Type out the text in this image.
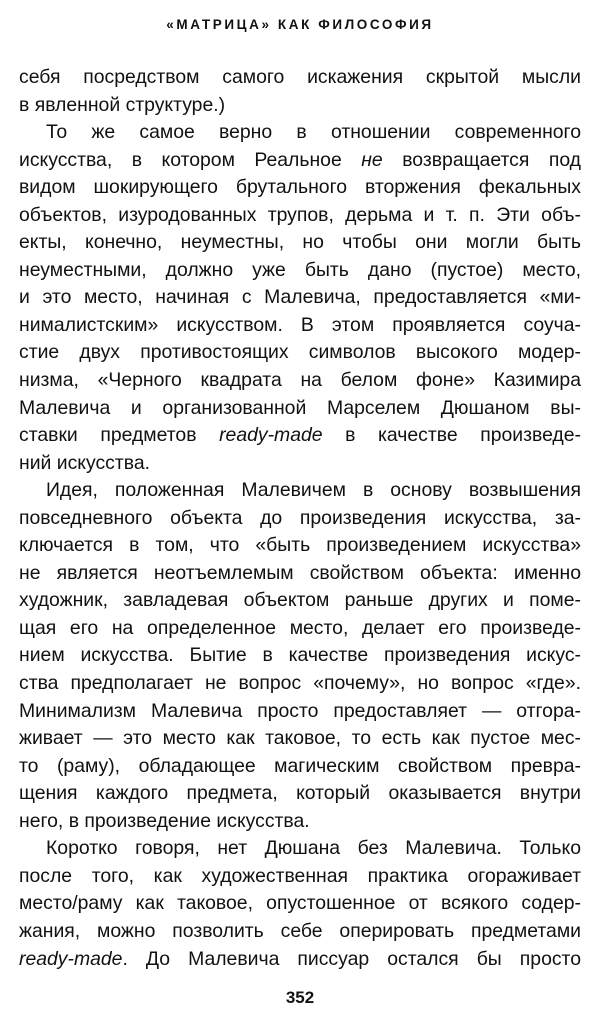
«МАТРИЦА» КАК ФИЛОСОФИЯ
себя посредством самого искажения скрытой мысли
в явленной структуре.)
То же самое верно в отношении современного
искусства, в котором Реальное не возвращается под
видом шокирующего брутального вторжения фекальных
объектов, изуродованных трупов, дерьма и т. п. Эти объ-
екты, конечно, неуместны, но чтобы они могли быть
неуместными, должно уже быть дано (пустое) место,
и это место, начиная с Малевича, предоставляется «ми-
нималистским» искусством. В этом проявляется соуча-
стие двух противостоящих символов высокого модер-
низма, «Черного квадрата на белом фоне» Казимира
Малевича и организованной Марселем Дюшаном вы-
ставки предметов ready-made в качестве произведе-
ний искусства.
Идея, положенная Малевичем в основу возвышения
повседневного объекта до произведения искусства, за-
ключается в том, что «быть произведением искусства»
не является неотъемлемым свойством объекта: именно
художник, завладевая объектом раньше других и поме-
щая его на определенное место, делает его произведе-
нием искусства. Бытие в качестве произведения искус-
ства предполагает не вопрос «почему», но вопрос «где».
Минимализм Малевича просто предоставляет — отгора-
живает — это место как таковое, то есть как пустое мес-
то (раму), обладающее магическим свойством превра-
щения каждого предмета, который оказывается внутри
него, в произведение искусства.
Коротко говоря, нет Дюшана без Малевича. Только
после того, как художественная практика огораживает
место/раму как таковое, опустошенное от всякого содер-
жания, можно позволить себе оперировать предметами
ready-made. До Малевича писсуар остался бы просто
352
